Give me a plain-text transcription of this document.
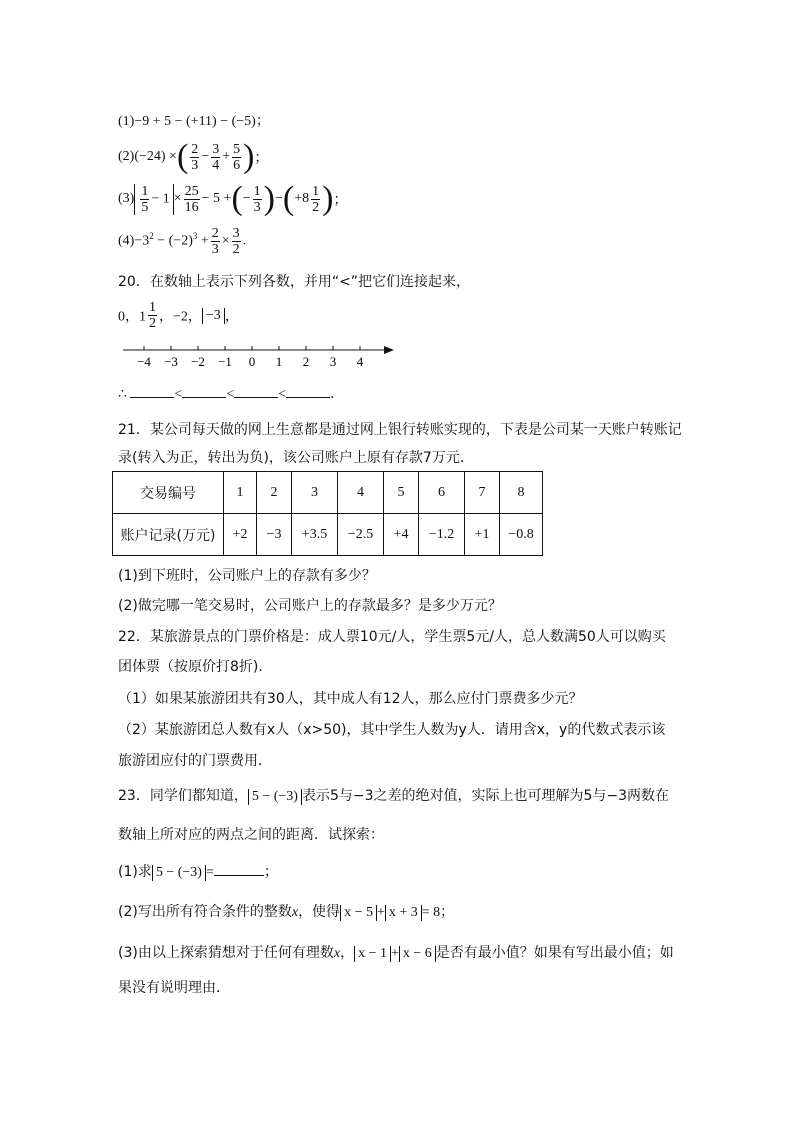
(1)−9 + 5 − (+11) − (−5)；
(2)(−24) ×( $\frac{2}{3} - \frac{3}{4} + \frac{5}{6}$ )；
$(3) \frac{1}{5} - 1 \times \frac{25}{16} - 5$ +(− $\frac{1}{3} )-(+8 \frac{1}{2}$ )；
$(4)-3^2 - (-2)^3 + \frac{2}{3} \times \frac{3}{2}$ .
20．在数轴上表示下列各数，并用“<”把它们连接起来，
0，$1 \frac{1}{2}$ ，−2， −3 ，
−4 −3 −2 −1 0 1 2 3 4
∴	<	<	<	．
21．某公司每天做的网上生意都是通过网上银行转账实现的，下表是公司某一天账户转账记
录(转入为正，转出为负)，该公司账户上原有存款7万元．
交易编号	1	2	3	4	5	6	7	8
账户记录(万元)	+2	−3	+3.5	−2.5	+4	−1.2	+1	−0.8
(1)到下班时，公司账户上的存款有多少？
(2)做完哪一笔交易时，公司账户上的存款最多？是多少万元？
22．某旅游景点的门票价格是：成人票10元/人，学生票5元/人，总人数满50人可以购买
团体票（按原价打8折)．
（1）如果某旅游团共有30人，其中成人有12人，那么应付门票费多少元？
（2）某旅游团总人数有x人（x>50)，其中学生人数为y人．请用含x，y的代数式表示该
旅游团应付的门票费用．
23．同学们都知道， 5 − (−3) 表示5与−3之差的绝对值，实际上也可理解为5与−3两数在
数轴上所对应的两点之间的距离．试探索：
(1)求 5 − (−3) =	；
(2)写出所有符合条件的整数x，使得 x − 5 + x + 3 = 8；
(3)由以上探索猜想对于任何有理数x， x − 1 + x − 6 是否有最小值？如果有写出最小值；如
果没有说明理由．
